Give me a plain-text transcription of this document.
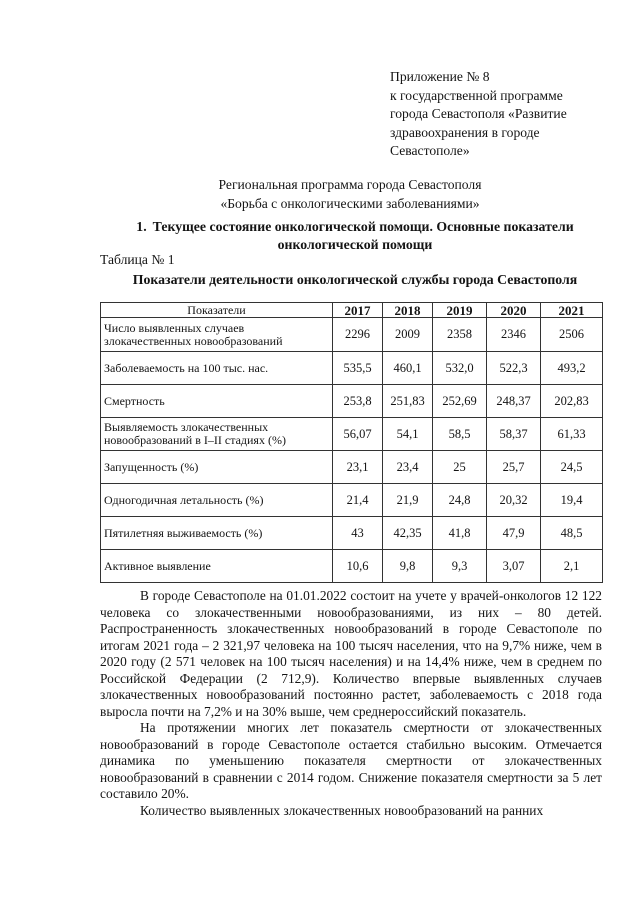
Приложение № 8
к государственной программе
города Севастополя «Развитие
здравоохранения в городе
Севастополе»
Региональная программа города Севастополя
«Борьба с онкологическими заболеваниями»
1. Текущее состояние онкологической помощи. Основные показатели онкологической помощи
Таблица № 1
Показатели деятельности онкологической службы города Севастополя
Показатели	2017	2018	2019	2020	2021
Число выявленных случаев злокачественных новообразований	2296	2009	2358	2346	2506
Заболеваемость на 100 тыс. нас.	535,5	460,1	532,0	522,3	493,2
Смертность	253,8	251,83	252,69	248,37	202,83
Выявляемость злокачественных новообразований в I–II стадиях (%)	56,07	54,1	58,5	58,37	61,33
Запущенность (%)	23,1	23,4	25	25,7	24,5
Одногодичная летальность (%)	21,4	21,9	24,8	20,32	19,4
Пятилетняя выживаемость (%)	43	42,35	41,8	47,9	48,5
Активное выявление	10,6	9,8	9,3	3,07	2,1

В городе Севастополе на 01.01.2022 состоит на учете у врачей-онкологов 12 122 человека со злокачественными новообразованиями, из них – 80 детей. Распространенность злокачественных новообразований в городе Севастополе по итогам 2021 года – 2 321,97 человека на 100 тысяч населения, что на 9,7% ниже, чем в 2020 году (2 571 человек на 100 тысяч населения) и на 14,4% ниже, чем в среднем по Российской Федерации (2 712,9). Количество впервые выявленных случаев злокачественных новообразований постоянно растет, заболеваемость с 2018 года выросла почти на 7,2% и на 30% выше, чем среднероссийский показатель.

На протяжении многих лет показатель смертности от злокачественных новообразований в городе Севастополе остается стабильно высоким. Отмечается динамика по уменьшению показателя смертности от злокачественных новообразований в сравнении с 2014 годом. Снижение показателя смертности за 5 лет составило 20%.

Количество выявленных злокачественных новообразований на ранних
